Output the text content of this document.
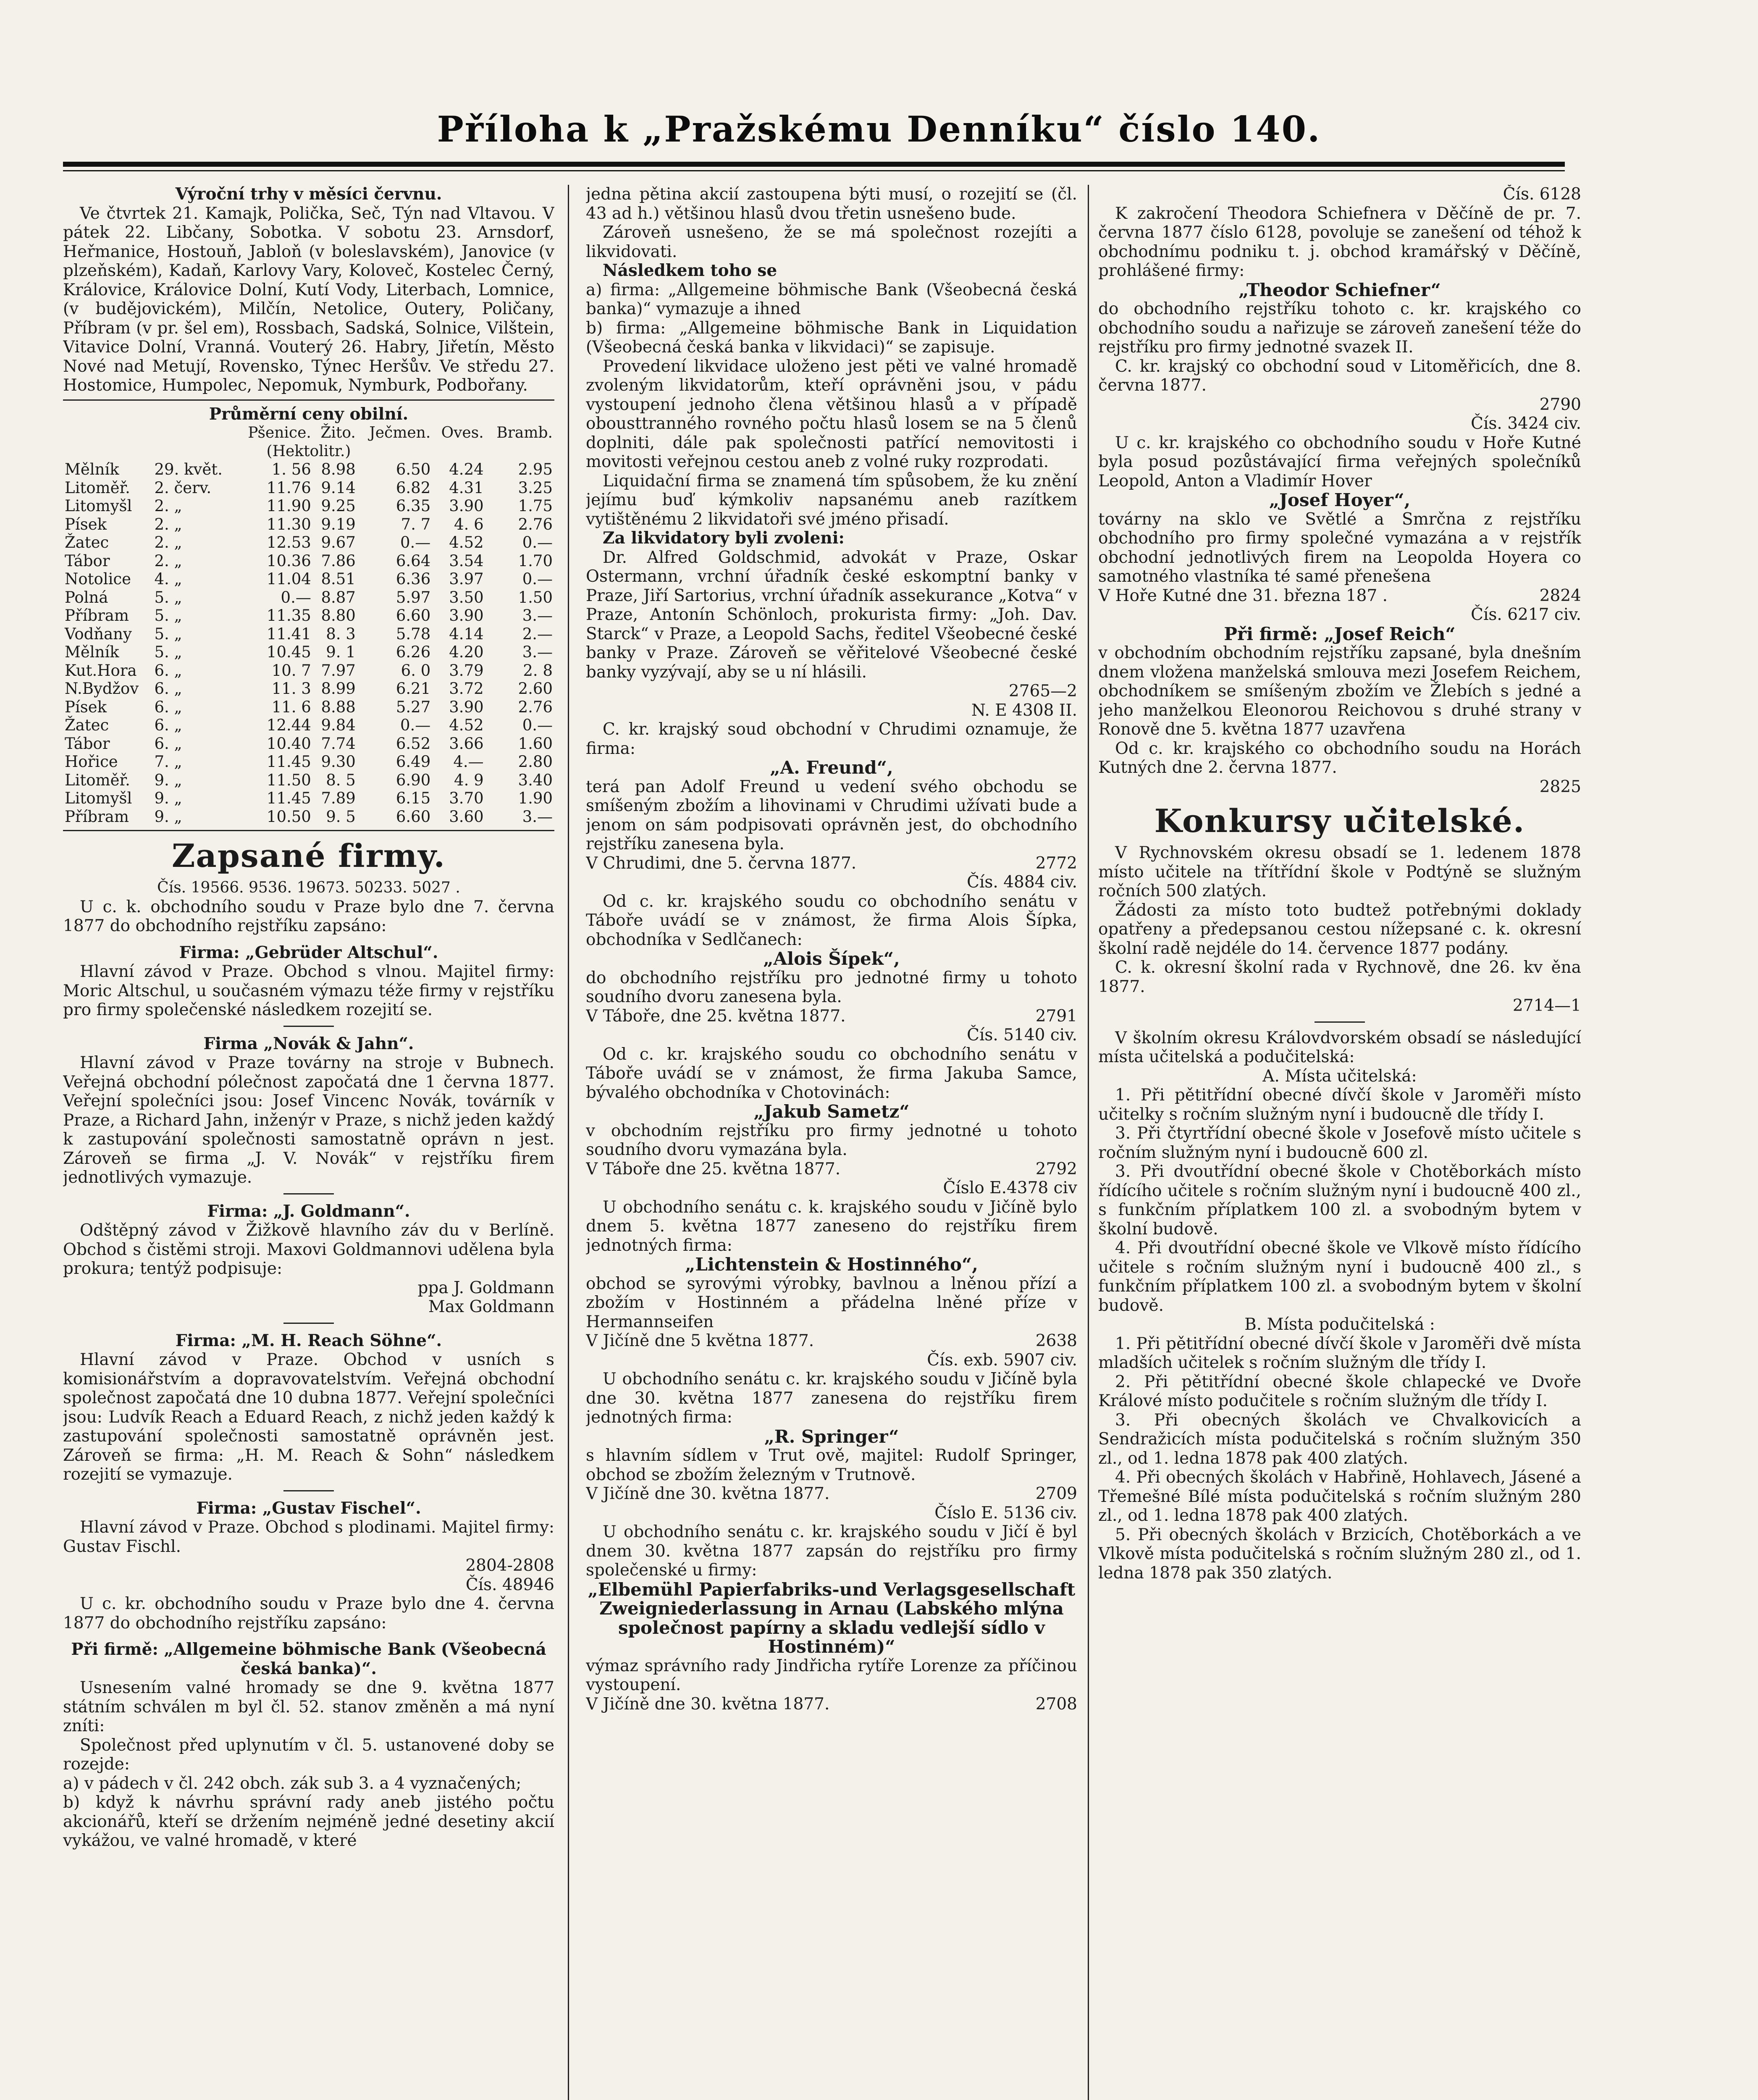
Příloha k „Pražskému Denníku“ číslo 140.

Výroční trhy v měsíci červnu.

Ve čtvrtek 21. Kamajk, Polička, Seč, Týn nad Vltavou. V pátek 22. Libčany, Sobotka. V sobotu 23. Arnsdorf, Heřmanice, Hostouň, Jabloň (v boleslavském), Janovice (v plzeňském), Kadaň, Karlovy Vary, Koloveč, Kostelec Černý, Královice, Královice Dolní, Kutí Vody, Literbach, Lomnice, (v budějovickém), Milčín, Netolice, Outery, Poličany, Příbram (v pr. šel em), Rossbach, Sadská, Solnice, Vilštein, Vitavice Dolní, Vranná. Vouterý 26. Habry, Jiřetín, Město Nové nad Metují, Rovensko, Týnec Heršův. Ve středu 27. Hostomice, Humpolec, Nepomuk, Nymburk, Podbořany.

Průměrní ceny obilní.

		Pšenice.	Žito.	Ječmen.	Oves.	Bramb.
(Hektolitr.)						
Mělník	29. květ.	1. 56	8.98	6.50	4.24	2.95
Litoměř.	2. červ.	11.76	9.14	6.82	4.31	3.25
Litomyšl	2. „	11.90	9.25	6.35	3.90	1.75
Písek	2. „	11.30	9.19	7. 7	4. 6	2.76
Žatec	2. „	12.53	9.67	0.—	4.52	0.—
Tábor	2. „	10.36	7.86	6.64	3.54	1.70
Notolice	4. „	11.04	8.51	6.36	3.97	0.—
Polná	5. „	0.—	8.87	5.97	3.50	1.50
Příbram	5. „	11.35	8.80	6.60	3.90	3.—
Vodňany	5. „	11.41	8. 3	5.78	4.14	2.—
Mělník	5. „	10.45	9. 1	6.26	4.20	3.—
Kut.Hora	6. „	10. 7	7.97	6. 0	3.79	2. 8
N.Bydžov	6. „	11. 3	8.99	6.21	3.72	2.60
Písek	6. „	11. 6	8.88	5.27	3.90	2.76
Žatec	6. „	12.44	9.84	0.—	4.52	0.—
Tábor	6. „	10.40	7.74	6.52	3.66	1.60
Hořice	7. „	11.45	9.30	6.49	4.—	2.80
Litoměř.	9. „	11.50	8. 5	6.90	4. 9	3.40
Litomyšl	9. „	11.45	7.89	6.15	3.70	1.90
Příbram	9. „	10.50	9. 5	6.60	3.60	3.—

Zapsané firmy.

Čís. 19566. 9536. 19673. 50233. 5027 .

U c. k. obchodního soudu v Praze bylo dne 7. června 1877 do obchodního rejstříku zapsáno:

Firma: „Gebrüder Altschul“.

Hlavní závod v Praze. Obchod s vlnou. Majitel firmy: Moric Altschul, u současném výmazu téže firmy v rejstříku pro firmy společenské následkem rozejití se.

Firma „Novák & Jahn“.

Hlavní závod v Praze továrny na stroje v Bubnech. Veřejná obchodní pólečnost započatá dne 1 června 1877. Veřejní společníci jsou: Josef Vincenc Novák, továrník v Praze, a Richard Jahn, inženýr v Praze, s nichž jeden každý k zastupování společnosti samostatně oprávn n jest. Zároveň se firma „J. V. Novák“ v rejstříku firem jednotlivých vymazuje.

Firma: „J. Goldmann“.

Odštěpný závod v Žižkově hlavního záv du v Berlíně. Obchod s čistěmi stroji. Maxovi Goldmannovi udělena byla prokura; tentýž podpisuje:

ppa J. Goldmann

Max Goldmann

Firma: „M. H. Reach Söhne“.

Hlavní závod v Praze. Obchod v usních s komisionářstvím a dopravovatelstvím. Veřejná obchodní společnost započatá dne 10 dubna 1877. Veřejní společníci jsou: Ludvík Reach a Eduard Reach, z nichž jeden každý k zastupování společnosti samostatně oprávněn jest. Zároveň se firma: „H. M. Reach & Sohn“ následkem rozejití se vymazuje.

Firma: „Gustav Fischel“.

Hlavní závod v Praze. Obchod s plodinami. Majitel firmy: Gustav Fischl.

2804-2808

Čís. 48946

U c. kr. obchodního soudu v Praze bylo dne 4. června 1877 do obchodního rejstříku zapsáno:

Při firmě: „Allgemeine böhmische Bank (Všeobecná česká banka)“.

Usnesením valné hromady se dne 9. května 1877 státním schválen m byl čl. 52. stanov změněn a má nyní zníti:

Společnost před uplynutím v čl. 5. ustanovené doby se rozejde:

a) v pádech v čl. 242 obch. zák sub 3. a 4 vyznačených;

b) když k návrhu správní rady aneb jistého počtu akcionářů, kteří se držením nejméně jedné desetiny akcií vykážou, ve valné hromadě, v které

jedna pětina akcií zastoupena býti musí, o rozejití se (čl. 43 ad h.) většinou hlasů dvou třetin usnešeno bude.

Zároveň usnešeno, že se má společnost rozejíti a likvidovati.

Následkem toho se

a) firma: „Allgemeine böhmische Bank (Všeobecná česká banka)“ vymazuje a ihned

b) firma: „Allgemeine böhmische Bank in Liquidation (Všeobecná česká banka v likvidaci)“ se zapisuje.

Provedení likvidace uloženo jest pěti ve valné hromadě zvoleným likvidatorům, kteří oprávněni jsou, v pádu vystoupení jednoho člena většinou hlasů a v případě obousttranného rovného počtu hlasů losem se na 5 členů doplniti, dále pak společnosti patřící nemovitosti i movitosti veřejnou cestou aneb z volné ruky rozprodati.

Liquidační firma se znamená tím spůsobem, že ku znění jejímu buď kýmkoliv napsanému aneb razítkem vytištěnému 2 likvidatoři své jméno přisadí.

Za likvidatory byli zvoleni:

Dr. Alfred Goldschmid, advokát v Praze, Oskar Ostermann, vrchní úřadník české eskomptní banky v Praze, Jiří Sartorius, vrchní úřadník assekurance „Kotva“ v Praze, Antonín Schönloch, prokurista firmy: „Joh. Dav. Starck“ v Praze, a Leopold Sachs, ředitel Všeobecné české banky v Praze. Zároveň se věřitelové Všeobecné české banky vyzývají, aby se u ní hlásili.

2765—2

N. E 4308 II.

C. kr. krajský soud obchodní v Chrudimi oznamuje, že firma:

„A. Freund“,

terá pan Adolf Freund u vedení svého obchodu se smíšeným zbožím a lihovinami v Chrudimi užívati bude a jenom on sám podpisovati oprávněn jest, do obchodního rejstříku zanesena byla.

V Chrudimi, dne 5. června 1877.	2772

Čís. 4884 civ.

Od c. kr. krajského soudu co obchodního senátu v Táboře uvádí se v známost, že firma Alois Šípka, obchodníka v Sedlčanech:

„Alois Šípek“,

do obchodního rejstříku pro jednotné firmy u tohoto soudního dvoru zanesena byla.

V Táboře, dne 25. května 1877.	2791

Čís. 5140 civ.

Od c. kr. krajského soudu co obchodního senátu v Táboře uvádí se v známost, že firma Jakuba Samce, bývalého obchodníka v Chotovinách:

„Jakub Sametz“

v obchodním rejstříku pro firmy jednotné u tohoto soudního dvoru vymazána byla.

V Táboře dne 25. května 1877.	2792

Číslo E.4378 civ

U obchodního senátu c. k. krajského soudu v Jičíně bylo dnem 5. května 1877 zaneseno do rejstříku firem jednotných firma:

„Lichtenstein & Hostinného“,

obchod se syrovými výrobky, bavlnou a lněnou přízí a zbožím v Hostinném a přádelna lněné příze v Hermannseifen

V Jičíně dne 5 května 1877.	2638

Čís. exb. 5907 civ.

U obchodního senátu c. kr. krajského soudu v Jičíně byla dne 30. května 1877 zanesena do rejstříku firem jednotných firma:

„R. Springer“

s hlavním sídlem v Trut ově, majitel: Rudolf Springer, obchod se zbožím železným v Trutnově.

V Jičíně dne 30. května 1877.	2709

Číslo E. 5136 civ.

U obchodního senátu c. kr. krajského soudu v Jičí ě byl dnem 30. května 1877 zapsán do rejstříku pro firmy společenské u firmy:

„Elbemühl Papierfabriks-und Verlagsgesellschaft Zweigniederlassung in Arnau (Labského mlýna společnost papírny a skladu vedlejší sídlo v Hostinném)“

výmaz správního rady Jindřicha rytíře Lorenze za příčinou vystoupení.

V Jičíně dne 30. května 1877.	2708

Čís. 6128

K zakročení Theodora Schiefnera v Děčíně de pr. 7. června 1877 číslo 6128, povoluje se zanešení od téhož k obchodnímu podniku t. j. obchod kramářský v Děčíně, prohlášené firmy:

„Theodor Schiefner“

do obchodního rejstříku tohoto c. kr. krajského co obchodního soudu a nařizuje se zároveň zanešení téže do rejstříku pro firmy jednotné svazek II.

C. kr. krajský co obchodní soud v Litoměřicích, dne 8. června 1877.

2790

Čís. 3424 civ.

U c. kr. krajského co obchodního soudu v Hoře Kutné byla posud pozůstávající firma veřejných společníků Leopold, Anton a Vladimír Hover

„Josef Hoyer“,

továrny na sklo ve Světlé a Smrčna z rejstříku obchodního pro firmy společné vymazána a v rejstřík obchodní jednotlivých firem na Leopolda Hoyera co samotného vlastníka té samé přenešena

V Hoře Kutné dne 31. března 187 .	2824

Čís. 6217 civ.

Při firmě: „Josef Reich“

v obchodním obchodním rejstříku zapsané, byla dnešním dnem vložena manželská smlouva mezi Josefem Reichem, obchodníkem se smíšeným zbožím ve Žlebích s jedné a jeho manželkou Eleonorou Reichovou s druhé strany v Ronově dne 5. května 1877 uzavřena

Od c. kr. krajského co obchodního soudu na Horách Kutných dne 2. června 1877.

2825

Konkursy učitelské.

V Rychnovském okresu obsadí se 1. ledenem 1878 místo učitele na třítřídní škole v Podtýně se služným ročních 500 zlatých.

Žádosti za místo toto budtež potřebnými doklady opatřeny a předepsanou cestou nížepsané c. k. okresní školní radě nejdéle do 14. července 1877 podány.

C. k. okresní školní rada v Rychnově, dne 26. kv ěna 1877.

2714—1

V školním okresu Královdvorském obsadí se následující místa učitelská a podučitelská:

A. Místa učitelská:

1. Při pětitřídní obecné dívčí škole v Jaroměři místo učitelky s ročním služným nyní i budoucně dle třídy I.

3. Při čtyrtřídní obecné škole v Josefově místo učitele s ročním služným nyní i budoucně 600 zl.

3. Při dvoutřídní obecné škole v Chotěborkách místo řídícího učitele s ročním služným nyní i budoucně 400 zl., s funkčním příplatkem 100 zl. a svobodným bytem v školní budově.

4. Při dvoutřídní obecné škole ve Vlkově místo řídícího učitele s ročním služným nyní i budoucně 400 zl., s funkčním příplatkem 100 zl. a svobodným bytem v školní budově.

B. Místa podučitelská :

1. Při pětitřídní obecné dívčí škole v Jaroměři dvě místa mladších učitelek s ročním služným dle třídy I.

2. Při pětitřídní obecné škole chlapecké ve Dvoře Králové místo podučitele s ročním služným dle třídy I.

3. Při obecných školách ve Chvalkovicích a Sendražicích místa podučitelská s ročním služným 350 zl., od 1. ledna 1878 pak 400 zlatých.

4. Při obecných školách v Habřině, Hohlavech, Jásené a Třemešné Bílé místa podučitelská s ročním služným 280 zl., od 1. ledna 1878 pak 400 zlatých.

5. Při obecných školách v Brzicích, Chotěborkách a ve Vlkově místa podučitelská s ročním služným 280 zl., od 1. ledna 1878 pak 350 zlatých.
